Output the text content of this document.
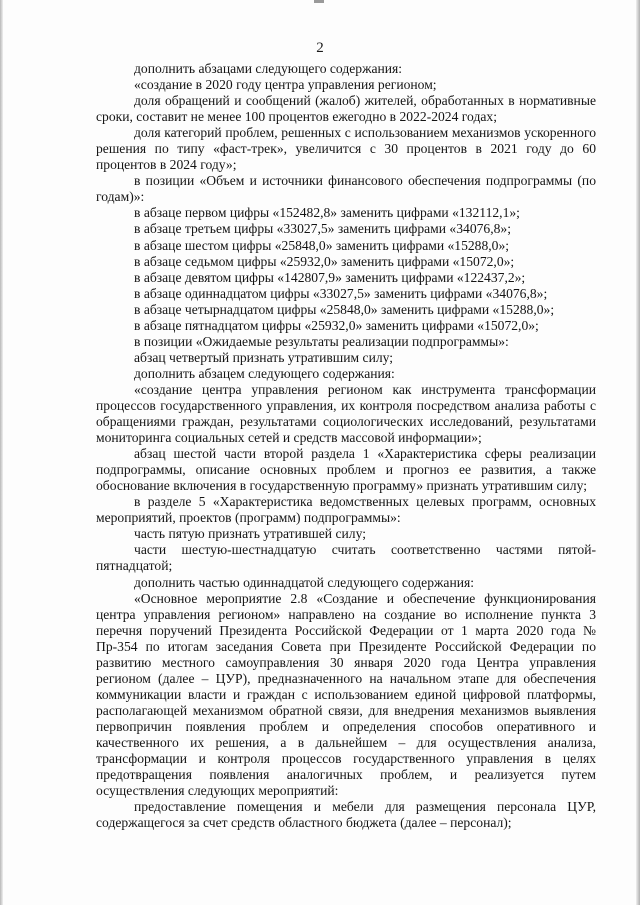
2

дополнить абзацами следующего содержания:

«создание в 2020 году центра управления регионом;

доля обращений и сообщений (жалоб) жителей, обработанных в нормативные сроки, составит не менее 100 процентов ежегодно в 2022-2024 годах;

доля категорий проблем, решенных с использованием механизмов ускоренного решения по типу «фаст-трек», увеличится с 30 процентов в 2021 году до 60 процентов в 2024 году»;

в позиции «Объем и источники финансового обеспечения подпрограммы (по годам)»:

в абзаце первом цифры «152482,8» заменить цифрами «132112,1»;

в абзаце третьем цифры «33027,5» заменить цифрами «34076,8»;

в абзаце шестом цифры «25848,0» заменить цифрами «15288,0»;

в абзаце седьмом цифры «25932,0» заменить цифрами «15072,0»;

в абзаце девятом цифры «142807,9» заменить цифрами «122437,2»;

в абзаце одиннадцатом цифры «33027,5» заменить цифрами «34076,8»;

в абзаце четырнадцатом цифры «25848,0» заменить цифрами «15288,0»;

в абзаце пятнадцатом цифры «25932,0» заменить цифрами «15072,0»;

в позиции «Ожидаемые результаты реализации подпрограммы»:

абзац четвертый признать утратившим силу;

дополнить абзацем следующего содержания:

«создание центра управления регионом как инструмента трансформации процессов государственного управления, их контроля посредством анализа работы с обращениями граждан, результатами социологических исследований, результатами мониторинга социальных сетей и средств массовой информации»;

абзац шестой части второй раздела 1 «Характеристика сферы реализации подпрограммы, описание основных проблем и прогноз ее развития, а также обоснование включения в государственную программу» признать утратившим силу;

в разделе 5 «Характеристика ведомственных целевых программ, основных мероприятий, проектов (программ) подпрограммы»:

часть пятую признать утратившей силу;

части шестую-шестнадцатую считать соответственно частями пятой-пятнадцатой;

дополнить частью одиннадцатой следующего содержания:

«Основное мероприятие 2.8 «Создание и обеспечение функционирования центра управления регионом» направлено на создание во исполнение пункта 3 перечня поручений Президента Российской Федерации от 1 марта 2020 года № Пр-354 по итогам заседания Совета при Президенте Российской Федерации по развитию местного самоуправления 30 января 2020 года Центра управления регионом (далее – ЦУР), предназначенного на начальном этапе для обеспечения коммуникации власти и граждан с использованием единой цифровой платформы, располагающей механизмом обратной связи, для внедрения механизмов выявления первопричин появления проблем и определения способов оперативного и качественного их решения, а в дальнейшем – для осуществления анализа, трансформации и контроля процессов государственного управления в целях предотвращения появления аналогичных проблем, и реализуется путем осуществления следующих мероприятий:

предоставление помещения и мебели для размещения персонала ЦУР, содержащегося за счет средств областного бюджета (далее – персонал);
